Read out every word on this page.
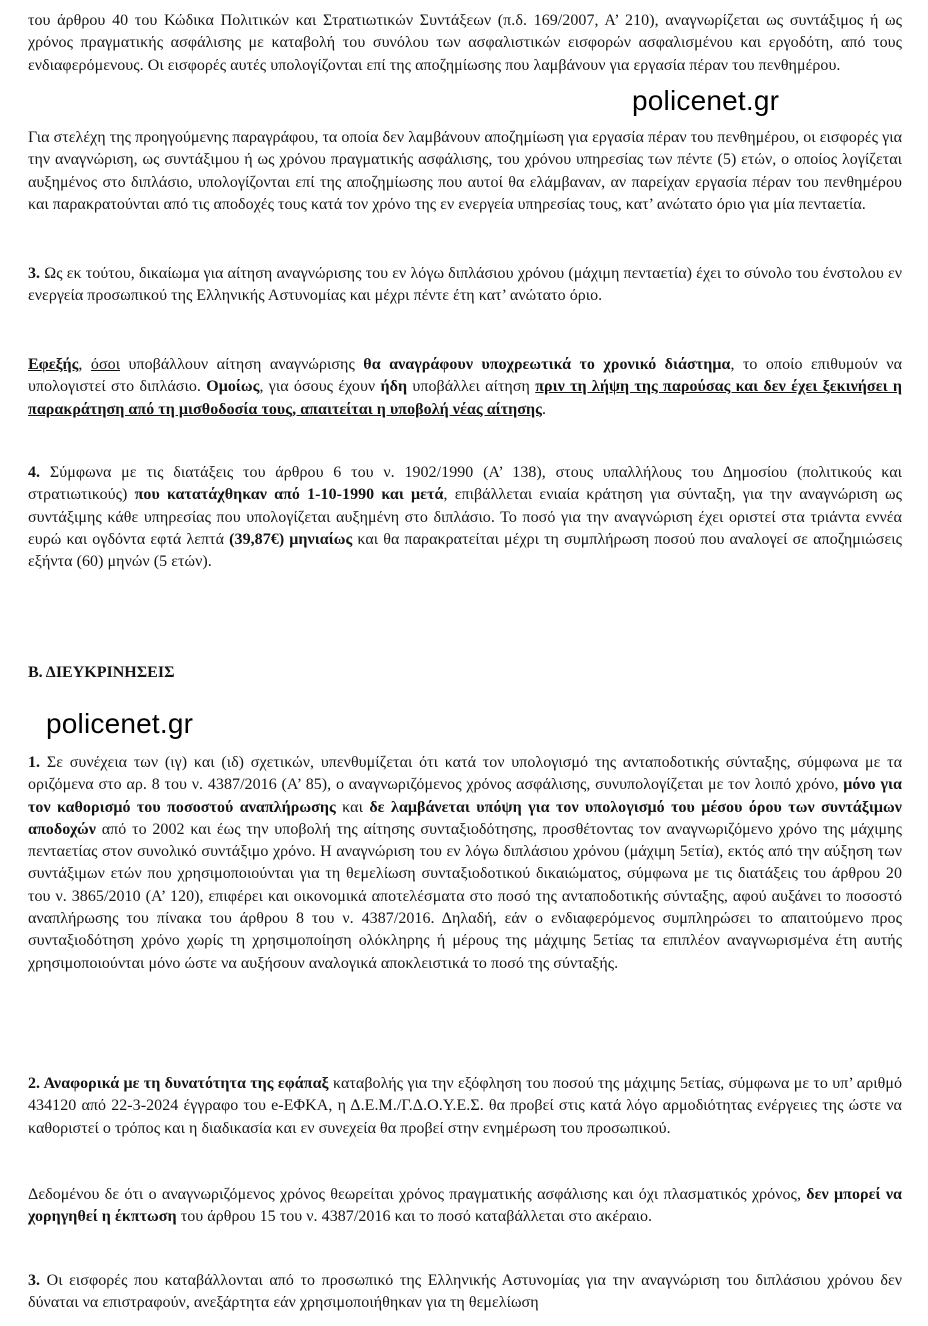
του άρθρου 40 του Κώδικα Πολιτικών και Στρατιωτικών Συντάξεων (π.δ. 169/2007, Α’ 210), αναγνωρίζεται ως συντάξιμος ή ως χρόνος πραγματικής ασφάλισης με καταβολή του συνόλου των ασφαλιστικών εισφορών ασφαλισμένου και εργοδότη, από τους ενδιαφερόμενους. Οι εισφορές αυτές υπολογίζονται επί της αποζημίωσης που λαμβάνουν για εργασία πέραν του πενθημέρου.

policenet.gr

Για στελέχη της προηγούμενης παραγράφου, τα οποία δεν λαμβάνουν αποζημίωση για εργασία πέραν του πενθημέρου, οι εισφορές για την αναγνώριση, ως συντάξιμου ή ως χρόνου πραγματικής ασφάλισης, του χρόνου υπηρεσίας των πέντε (5) ετών, ο οποίος λογίζεται αυξημένος στο διπλάσιο, υπολογίζονται επί της αποζημίωσης που αυτοί θα ελάμβαναν, αν παρείχαν εργασία πέραν του πενθημέρου και παρακρατούνται από τις αποδοχές τους κατά τον χρόνο της εν ενεργεία υπηρεσίας τους, κατ’ ανώτατο όριο για μία πενταετία.

3. Ως εκ τούτου, δικαίωμα για αίτηση αναγνώρισης του εν λόγω διπλάσιου χρόνου (μάχιμη πενταετία) έχει το σύνολο του ένστολου εν ενεργεία προσωπικού της Ελληνικής Αστυνομίας και μέχρι πέντε έτη κατ’ ανώτατο όριο.

Εφεξής, όσοι υποβάλλουν αίτηση αναγνώρισης θα αναγράφουν υποχρεωτικά το χρονικό διάστημα, το οποίο επιθυμούν να υπολογιστεί στο διπλάσιο. Ομοίως, για όσους έχουν ήδη υποβάλλει αίτηση πριν τη λήψη της παρούσας και δεν έχει ξεκινήσει η παρακράτηση από τη μισθοδοσία τους, απαιτείται η υποβολή νέας αίτησης.

4. Σύμφωνα με τις διατάξεις του άρθρου 6 του ν. 1902/1990 (Α’ 138), στους υπαλλήλους του Δημοσίου (πολιτικούς και στρατιωτικούς) που κατατάχθηκαν από 1-10-1990 και μετά, επιβάλλεται ενιαία κράτηση για σύνταξη, για την αναγνώριση ως συντάξιμης κάθε υπηρεσίας που υπολογίζεται αυξημένη στο διπλάσιο. Το ποσό για την αναγνώριση έχει οριστεί στα τριάντα εννέα ευρώ και ογδόντα εφτά λεπτά (39,87€) μηνιαίως και θα παρακρατείται μέχρι τη συμπλήρωση ποσού που αναλογεί σε αποζημιώσεις εξήντα (60) μηνών (5 ετών).

Β. ΔΙΕΥΚΡΙΝΗΣΕΙΣ
policenet.gr

1. Σε συνέχεια των (ιγ) και (ιδ) σχετικών, υπενθυμίζεται ότι κατά τον υπολογισμό της ανταποδοτικής σύνταξης, σύμφωνα με τα οριζόμενα στο αρ. 8 του ν. 4387/2016 (Α’ 85), ο αναγνωριζόμενος χρόνος ασφάλισης, συνυπολογίζεται με τον λοιπό χρόνο, μόνο για τον καθορισμό του ποσοστού αναπλήρωσης και δε λαμβάνεται υπόψη για τον υπολογισμό του μέσου όρου των συντάξιμων αποδοχών από το 2002 και έως την υποβολή της αίτησης συνταξιοδότησης, προσθέτοντας τον αναγνωριζόμενο χρόνο της μάχιμης πενταετίας στον συνολικό συντάξιμο χρόνο. Η αναγνώριση του εν λόγω διπλάσιου χρόνου (μάχιμη 5ετία), εκτός από την αύξηση των συντάξιμων ετών που χρησιμοποιούνται για τη θεμελίωση συνταξιοδοτικού δικαιώματος, σύμφωνα με τις διατάξεις του άρθρου 20 του ν. 3865/2010 (Α’ 120), επιφέρει και οικονομικά αποτελέσματα στο ποσό της ανταποδοτικής σύνταξης, αφού αυξάνει το ποσοστό αναπλήρωσης του πίνακα του άρθρου 8 του ν. 4387/2016. Δηλαδή, εάν ο ενδιαφερόμενος συμπληρώσει το απαιτούμενο προς συνταξιοδότηση χρόνο χωρίς τη χρησιμοποίηση ολόκληρης ή μέρους της μάχιμης 5ετίας τα επιπλέον αναγνωρισμένα έτη αυτής χρησιμοποιούνται μόνο ώστε να αυξήσουν αναλογικά αποκλειστικά το ποσό της σύνταξής.

2. Αναφορικά με τη δυνατότητα της εφάπαξ καταβολής για την εξόφληση του ποσού της μάχιμης 5ετίας, σύμφωνα με το υπ’ αριθμό 434120 από 22-3-2024 έγγραφο του e-ΕΦΚΑ, η Δ.Ε.Μ./Γ.Δ.Ο.Υ.Ε.Σ. θα προβεί στις κατά λόγο αρμοδιότητας ενέργειες της ώστε να καθοριστεί ο τρόπος και η διαδικασία και εν συνεχεία θα προβεί στην ενημέρωση του προσωπικού.

Δεδομένου δε ότι ο αναγνωριζόμενος χρόνος θεωρείται χρόνος πραγματικής ασφάλισης και όχι πλασματικός χρόνος, δεν μπορεί να χορηγηθεί η έκπτωση του άρθρου 15 του ν. 4387/2016 και το ποσό καταβάλλεται στο ακέραιο.

3. Οι εισφορές που καταβάλλονται από το προσωπικό της Ελληνικής Αστυνομίας για την αναγνώριση του διπλάσιου χρόνου δεν δύναται να επιστραφούν, ανεξάρτητα εάν χρησιμοποιήθηκαν για τη θεμελίωση
